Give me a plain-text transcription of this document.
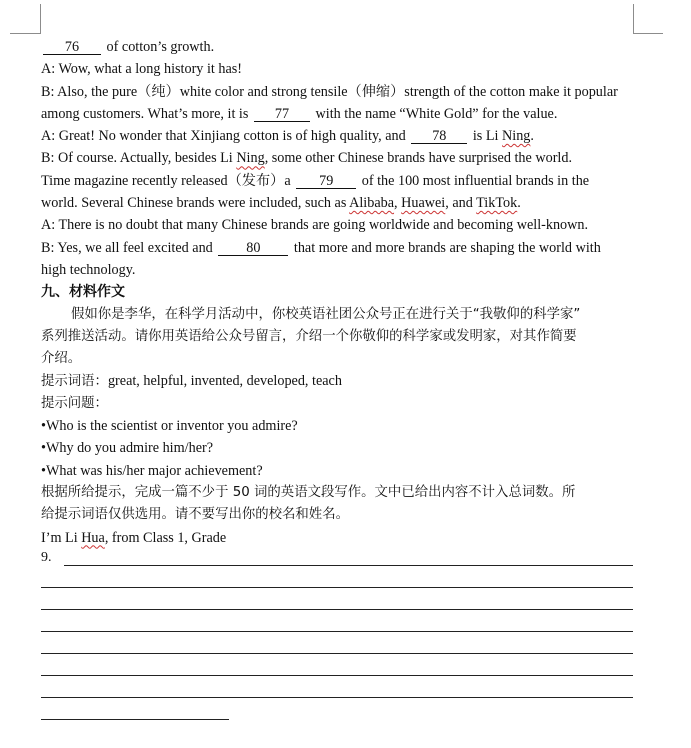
76 of cotton’s growth.
A: Wow, what a long history it has!
B: Also, the pure（纯）white color and strong tensile（伸缩）strength of the cotton make it popular
among customers. What’s more, it is 77 with the name “White Gold” for the value.
A: Great! No wonder that Xinjiang cotton is of high quality, and 78 is Li Ning.
B: Of course. Actually, besides Li Ning, some other Chinese brands have surprised the world.
Time magazine recently released（发布）a 79 of the 100 most influential brands in the
world. Several Chinese brands were included, such as Alibaba, Huawei, and TikTok.
A: There is no doubt that many Chinese brands are going worldwide and becoming well-known.
B: Yes, we all feel excited and 80 that more and more brands are shaping the world with
high technology.
九、材料作文
假如你是李华，在科学月活动中，你校英语社团公众号正在进行关于“我敬仰的科学家”
系列推送活动。请你用英语给公众号留言，介绍一个你敬仰的科学家或发明家，对其作简要
介绍。
提示词语：great, helpful, invented, developed, teach
提示问题：
•Who is the scientist or inventor you admire?
•Why do you admire him/her?
•What was his/her major achievement?
根据所给提示，完成一篇不少于 50 词的英语文段写作。文中已给出内容不计入总词数。所
给提示词语仅供选用。请不要写出你的校名和姓名。
I’m Li Hua, from Class 1, Grade
9.
